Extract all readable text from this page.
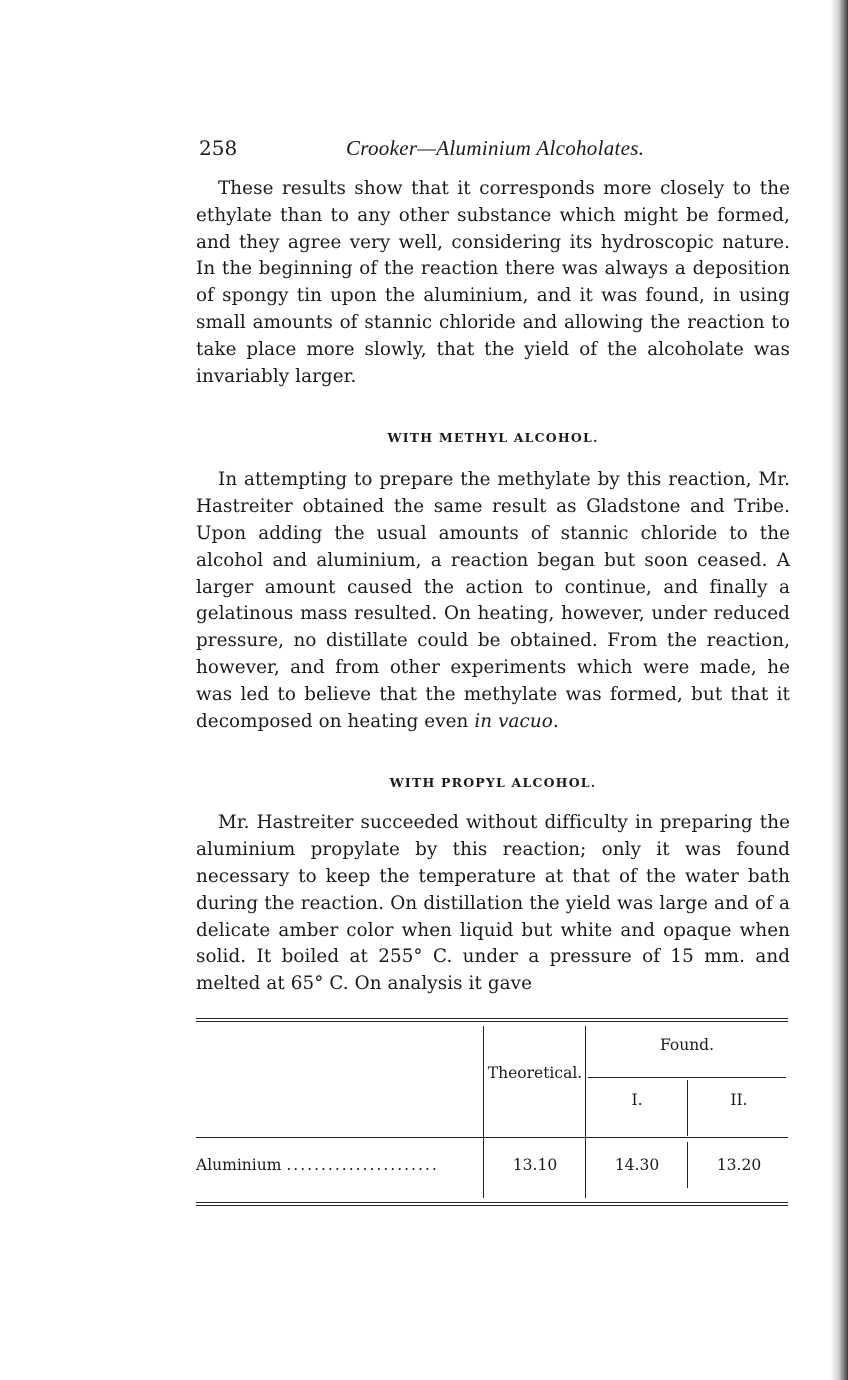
258	Crooker—Aluminium Alcoholates.

These results show that it corresponds more closely to the ethylate than to any other substance which might be formed, and they agree very well, considering its hydroscopic nature. In the beginning of the reaction there was always a deposition of spongy tin upon the aluminium, and it was found, in using small amounts of stannic chloride and allowing the reaction to take place more slowly, that the yield of the alcoholate was invariably larger.

WITH METHYL ALCOHOL.

In attempting to prepare the methylate by this reaction, Mr. Hastreiter obtained the same result as Gladstone and Tribe. Upon adding the usual amounts of stannic chloride to the alcohol and aluminium, a reaction began but soon ceased. A larger amount caused the action to continue, and finally a gelatinous mass resulted. On heating, however, under reduced pressure, no distillate could be obtained. From the reaction, however, and from other experiments which were made, he was led to believe that the methylate was formed, but that it decomposed on heating even in vacuo.

WITH PROPYL ALCOHOL.

Mr. Hastreiter succeeded without difficulty in preparing the aluminium propylate by this reaction; only it was found necessary to keep the temperature at that of the water bath during the reaction. On distillation the yield was large and of a delicate amber color when liquid but white and opaque when solid. It boiled at 255° C. under a pressure of 15 mm. and melted at 65° C. On analysis it gave

Theoretical.
Found.
I.	II.
Aluminium ......................	13.10	14.30	13.20
